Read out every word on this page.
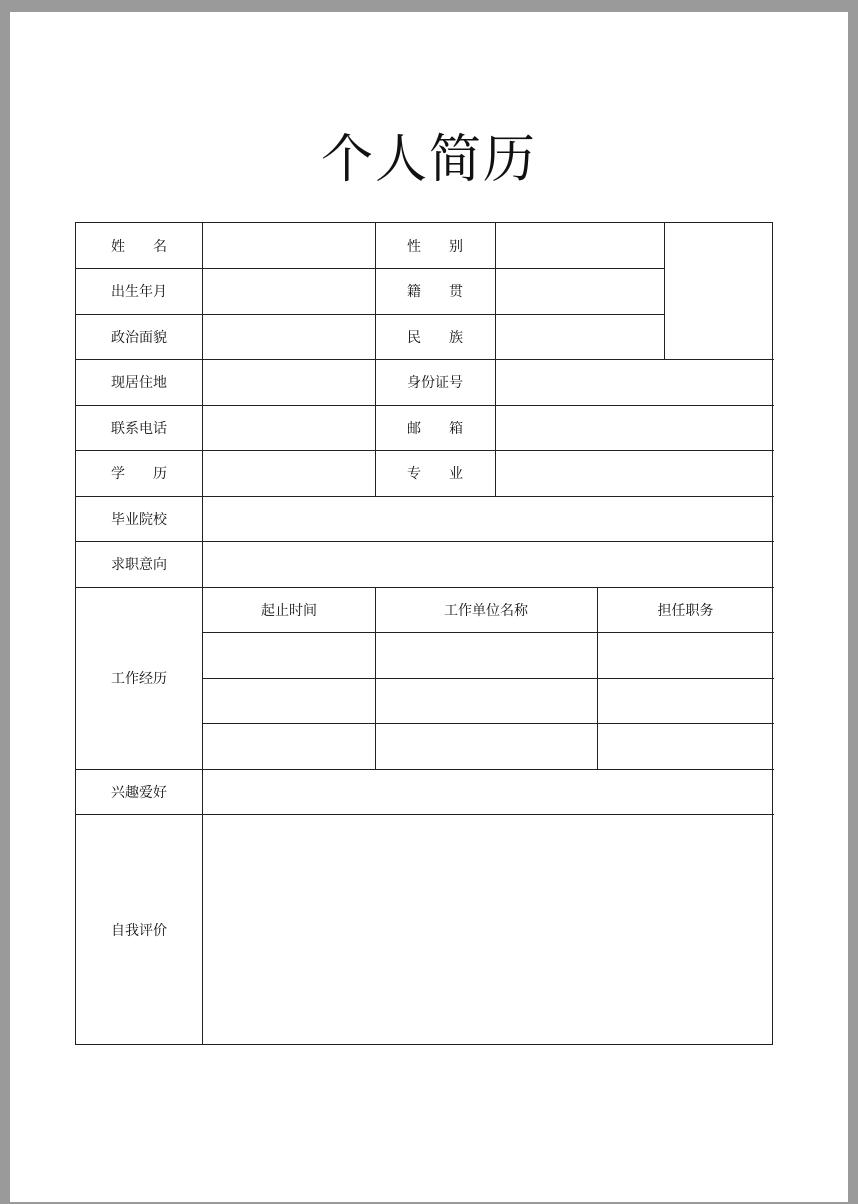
个人简历
姓　　名	性　　别
出生年月	籍　　贯
政治面貌	民　　族
现居住地	身份证号
联系电话	邮　　箱
学　　历	专　　业
毕业院校
求职意向
工作经历
起止时间	工作单位名称	担任职务
兴趣爱好
自我评价
